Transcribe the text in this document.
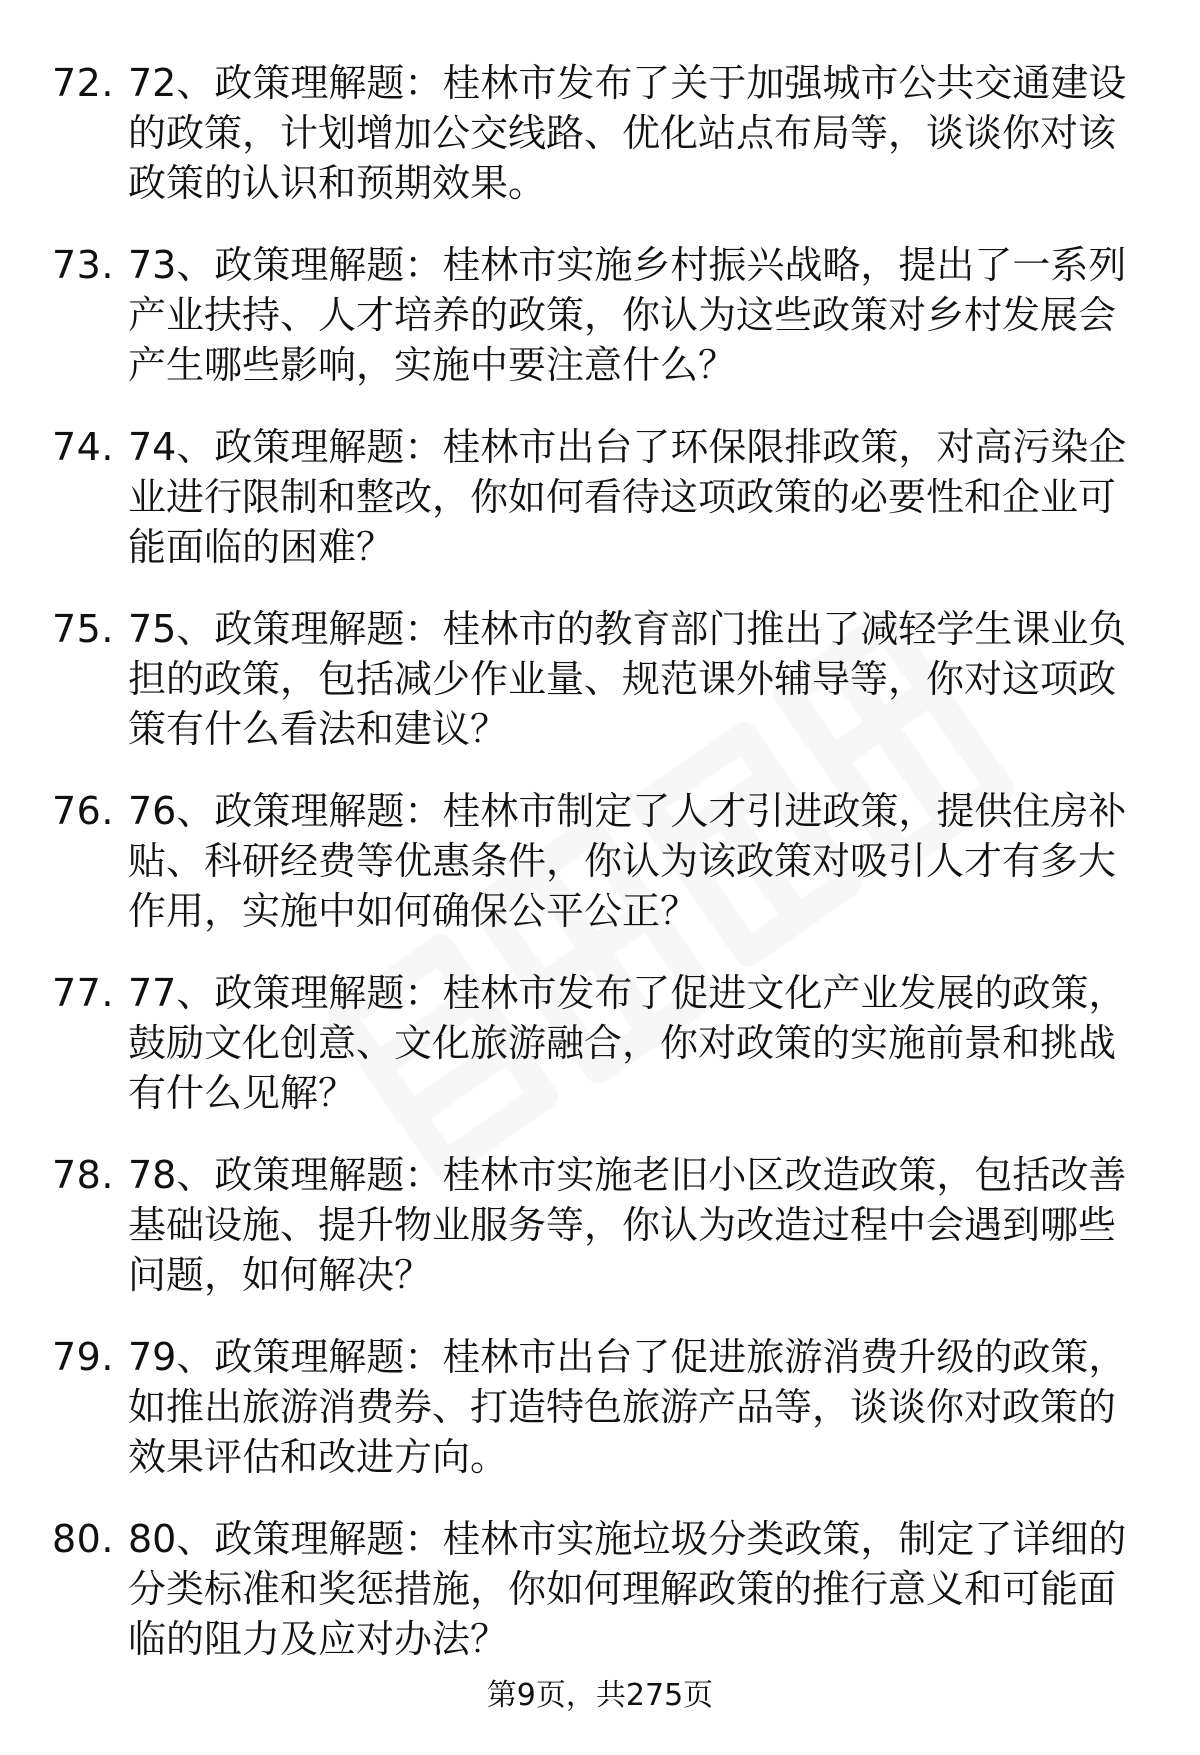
72. 72、政策理解题：桂林市发布了关于加强城市公共交通建设的政策，计划增加公交线路、优化站点布局等，谈谈你对该政策的认识和预期效果。
73. 73、政策理解题：桂林市实施乡村振兴战略，提出了一系列产业扶持、人才培养的政策，你认为这些政策对乡村发展会产生哪些影响，实施中要注意什么？
74. 74、政策理解题：桂林市出台了环保限排政策，对高污染企业进行限制和整改，你如何看待这项政策的必要性和企业可能面临的困难？
75. 75、政策理解题：桂林市的教育部门推出了减轻学生课业负担的政策，包括减少作业量、规范课外辅导等，你对这项政策有什么看法和建议？
76. 76、政策理解题：桂林市制定了人才引进政策，提供住房补贴、科研经费等优惠条件，你认为该政策对吸引人才有多大作用，实施中如何确保公平公正？
77. 77、政策理解题：桂林市发布了促进文化产业发展的政策，鼓励文化创意、文化旅游融合，你对政策的实施前景和挑战有什么见解？
78. 78、政策理解题：桂林市实施老旧小区改造政策，包括改善基础设施、提升物业服务等，你认为改造过程中会遇到哪些问题，如何解决？
79. 79、政策理解题：桂林市出台了促进旅游消费升级的政策，如推出旅游消费券、打造特色旅游产品等，谈谈你对政策的效果评估和改进方向。
80. 80、政策理解题：桂林市实施垃圾分类政策，制定了详细的分类标准和奖惩措施，你如何理解政策的推行意义和可能面临的阻力及应对办法？
第9页，共275页
